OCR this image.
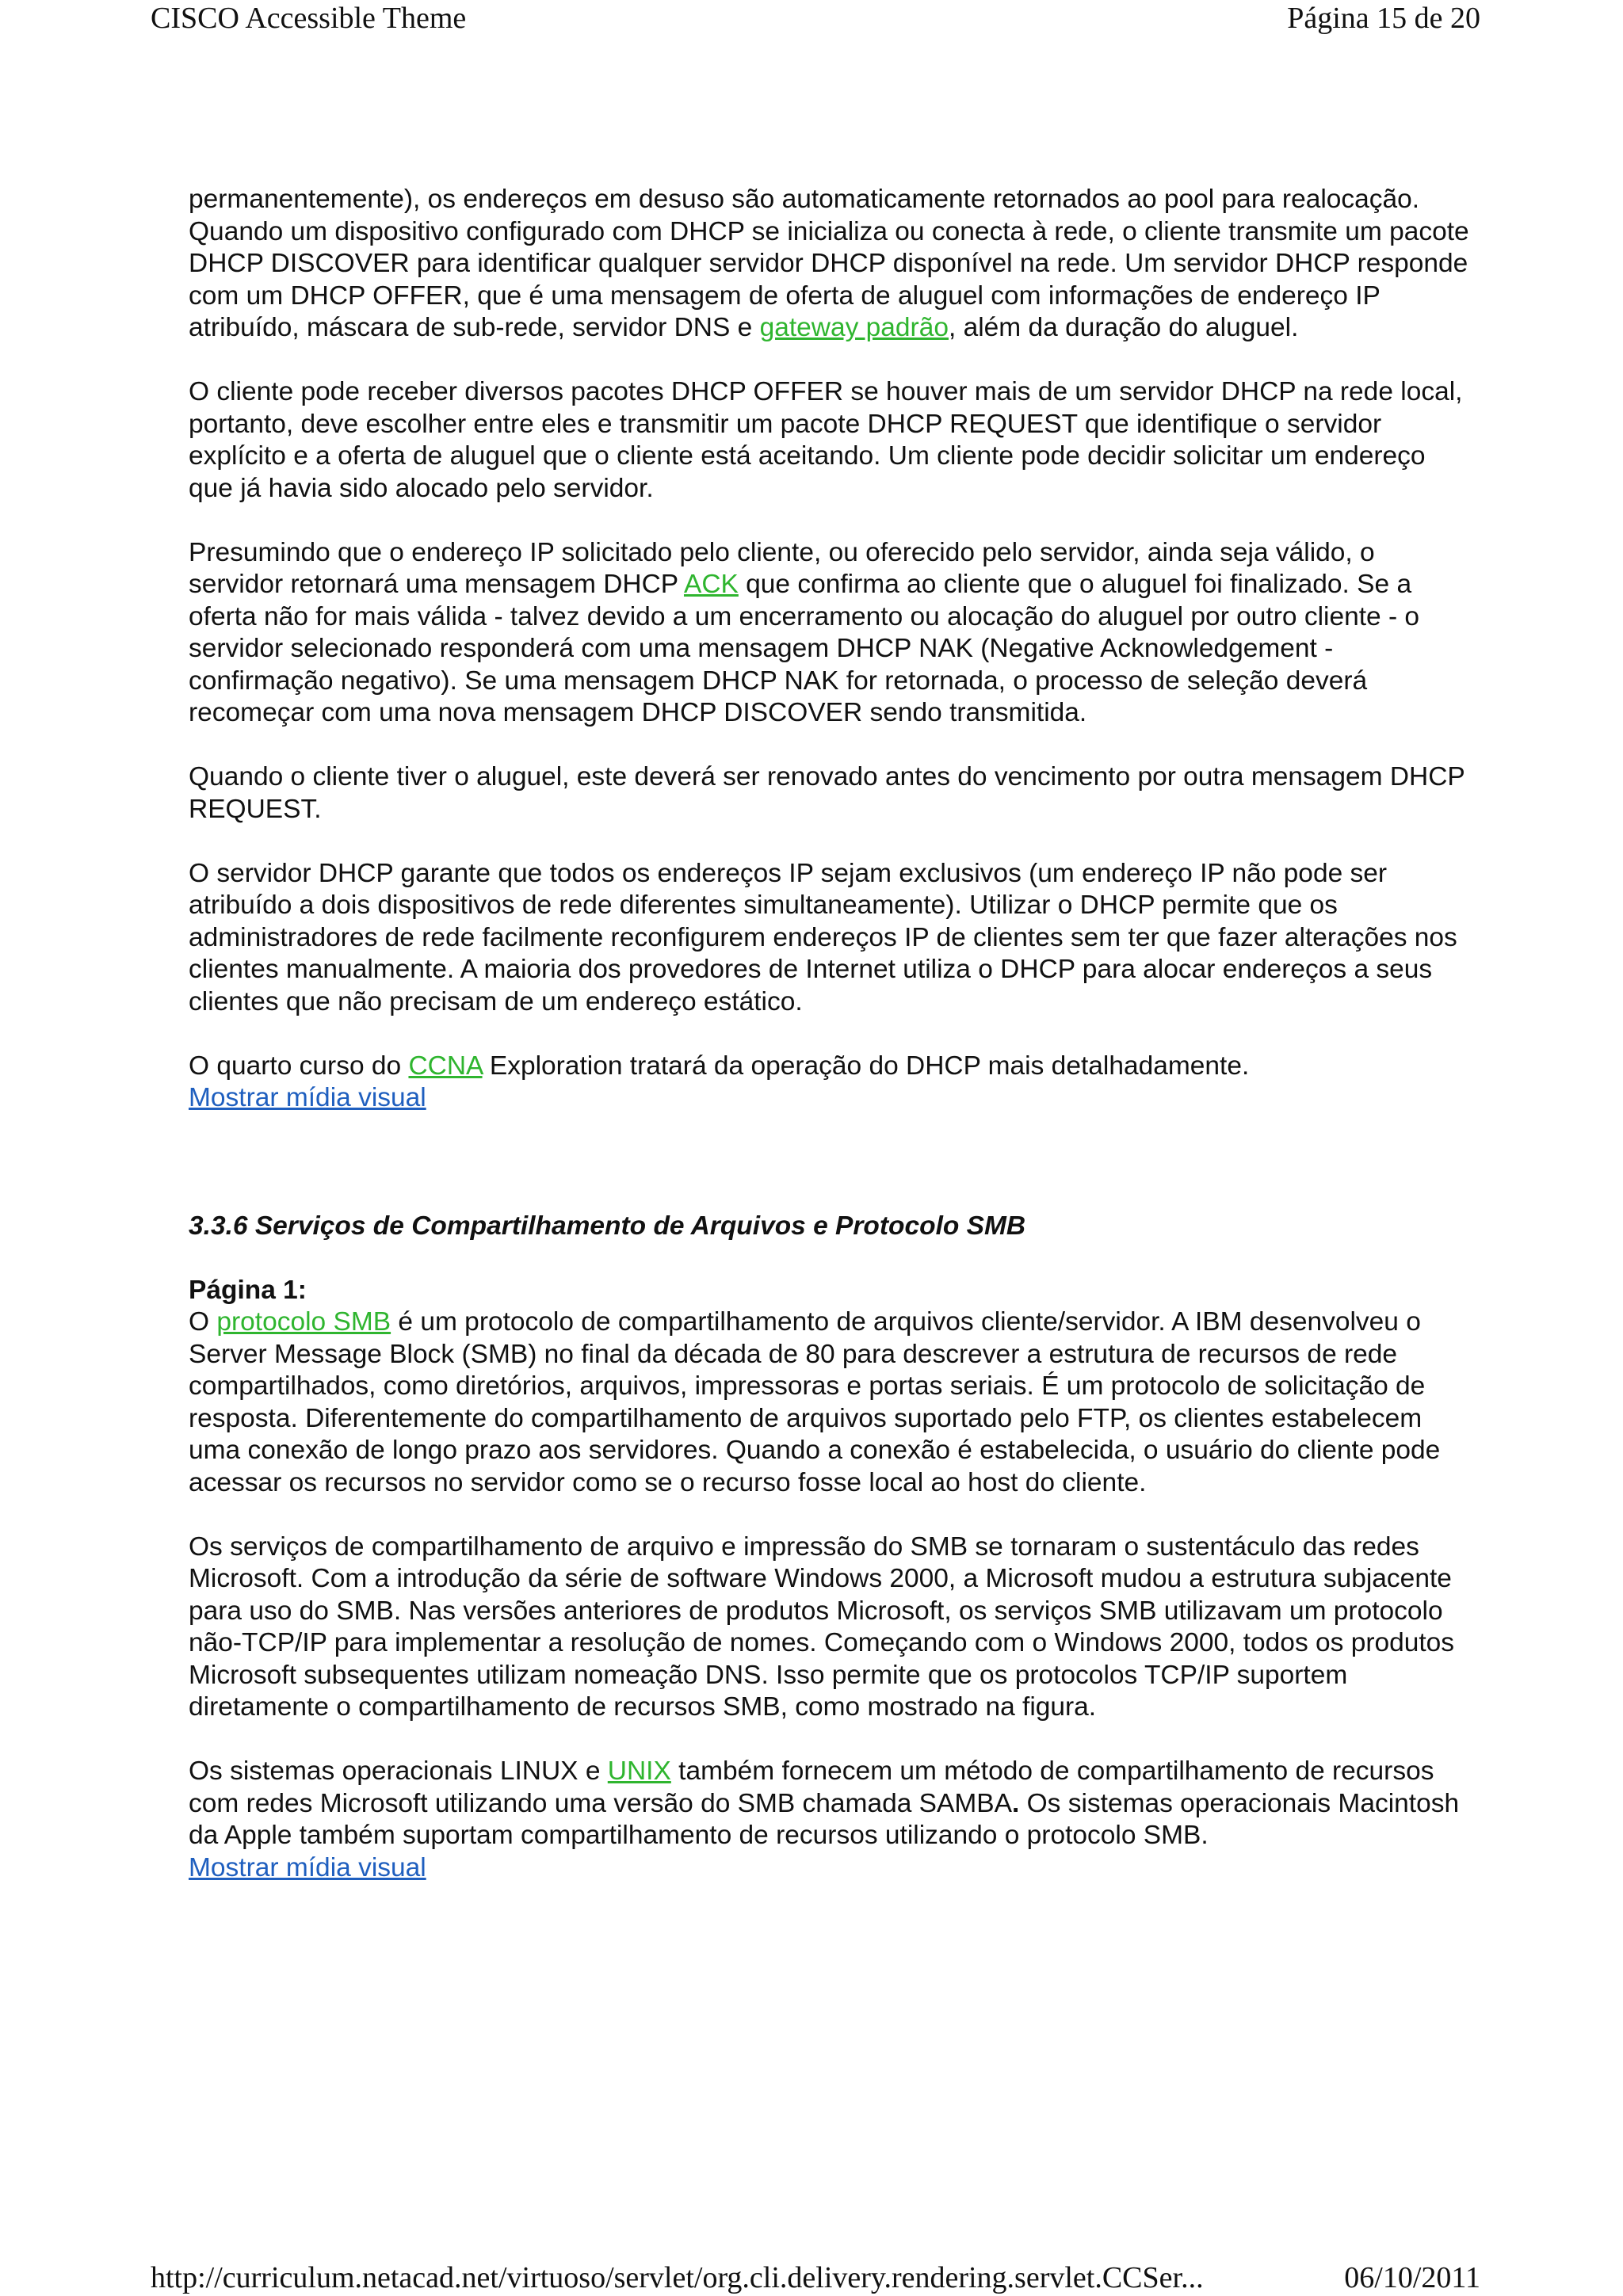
CISCO Accessible Theme	Página 15 de 20

permanentemente), os endereços em desuso são automaticamente retornados ao pool para realocação. Quando um dispositivo configurado com DHCP se inicializa ou conecta à rede, o cliente transmite um pacote DHCP DISCOVER para identificar qualquer servidor DHCP disponível na rede. Um servidor DHCP responde com um DHCP OFFER, que é uma mensagem de oferta de aluguel com informações de endereço IP atribuído, máscara de sub-rede, servidor DNS e gateway padrão, além da duração do aluguel.

O cliente pode receber diversos pacotes DHCP OFFER se houver mais de um servidor DHCP na rede local, portanto, deve escolher entre eles e transmitir um pacote DHCP REQUEST que identifique o servidor explícito e a oferta de aluguel que o cliente está aceitando. Um cliente pode decidir solicitar um endereço que já havia sido alocado pelo servidor.

Presumindo que o endereço IP solicitado pelo cliente, ou oferecido pelo servidor, ainda seja válido, o servidor retornará uma mensagem DHCP ACK que confirma ao cliente que o aluguel foi finalizado. Se a oferta não for mais válida - talvez devido a um encerramento ou alocação do aluguel por outro cliente - o servidor selecionado responderá com uma mensagem DHCP NAK (Negative Acknowledgement - confirmação negativo). Se uma mensagem DHCP NAK for retornada, o processo de seleção deverá recomeçar com uma nova mensagem DHCP DISCOVER sendo transmitida.

Quando o cliente tiver o aluguel, este deverá ser renovado antes do vencimento por outra mensagem DHCP REQUEST.

O servidor DHCP garante que todos os endereços IP sejam exclusivos (um endereço IP não pode ser atribuído a dois dispositivos de rede diferentes simultaneamente). Utilizar o DHCP permite que os administradores de rede facilmente reconfigurem endereços IP de clientes sem ter que fazer alterações nos clientes manualmente. A maioria dos provedores de Internet utiliza o DHCP para alocar endereços a seus clientes que não precisam de um endereço estático.

O quarto curso do CCNA Exploration tratará da operação do DHCP mais detalhadamente.

Mostrar mídia visual

3.3.6 Serviços de Compartilhamento de Arquivos e Protocolo SMB

Página 1:
O protocolo SMB é um protocolo de compartilhamento de arquivos cliente/servidor. A IBM desenvolveu o Server Message Block (SMB) no final da década de 80 para descrever a estrutura de recursos de rede compartilhados, como diretórios, arquivos, impressoras e portas seriais. É um protocolo de solicitação de resposta. Diferentemente do compartilhamento de arquivos suportado pelo FTP, os clientes estabelecem uma conexão de longo prazo aos servidores. Quando a conexão é estabelecida, o usuário do cliente pode acessar os recursos no servidor como se o recurso fosse local ao host do cliente.

Os serviços de compartilhamento de arquivo e impressão do SMB se tornaram o sustentáculo das redes Microsoft. Com a introdução da série de software Windows 2000, a Microsoft mudou a estrutura subjacente para uso do SMB. Nas versões anteriores de produtos Microsoft, os serviços SMB utilizavam um protocolo não-TCP/IP para implementar a resolução de nomes. Começando com o Windows 2000, todos os produtos Microsoft subsequentes utilizam nomeação DNS. Isso permite que os protocolos TCP/IP suportem diretamente o compartilhamento de recursos SMB, como mostrado na figura.

Os sistemas operacionais LINUX e UNIX também fornecem um método de compartilhamento de recursos com redes Microsoft utilizando uma versão do SMB chamada SAMBA. Os sistemas operacionais Macintosh da Apple também suportam compartilhamento de recursos utilizando o protocolo SMB.

Mostrar mídia visual

http://curriculum.netacad.net/virtuoso/servlet/org.cli.delivery.rendering.servlet.CCSer...	06/10/2011
